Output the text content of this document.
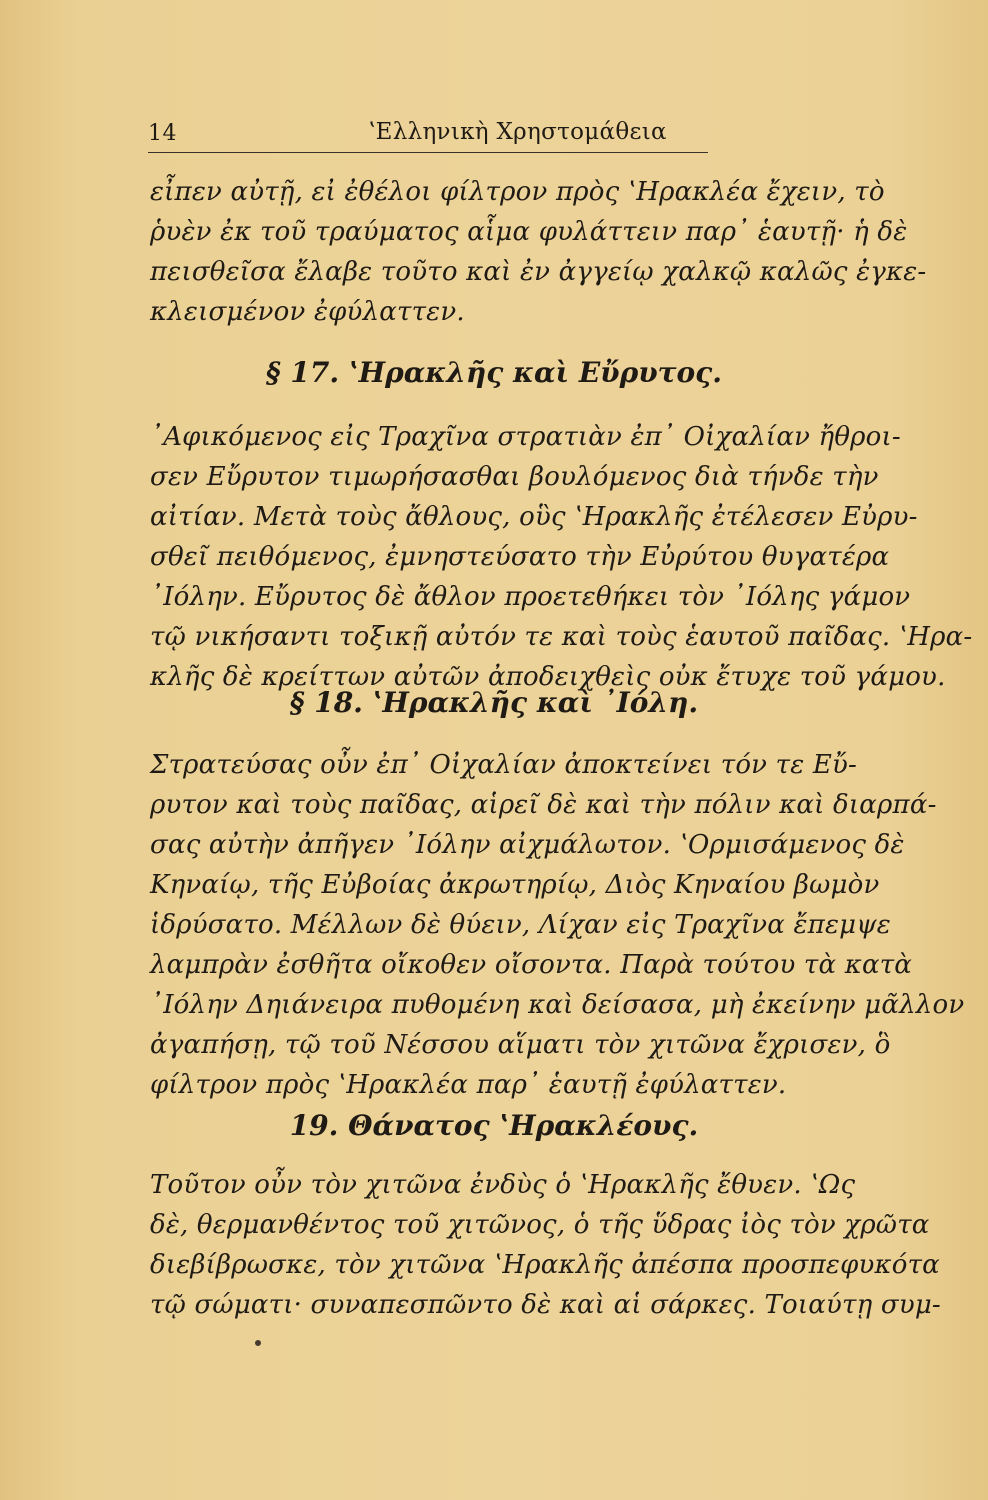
14	ʽΕλληνικὴ Χρηστομάθεια
εἶπεν αὐτῇ, εἰ ἐθέλοι φίλτρον πρὸς ʽΗρακλέα ἔχειν, τὸ
ῥυὲν ἐκ τοῦ τραύματος αἷμα φυλάττειν παρ᾽ ἑαυτῇ· ἡ δὲ
πεισθεῖσα ἔλαβε τοῦτο καὶ ἐν ἀγγείῳ χαλκῷ καλῶς ἐγκε-
κλεισμένον ἐφύλαττεν.
§ 17. ʽΗρακλῆς καὶ Εὔρυτος.
᾽Αφικόμενος εἰς Τραχῖνα στρατιὰν ἐπ᾽ Οἰχαλίαν ἤθροι-
σεν Εὔρυτον τιμωρήσασθαι βουλόμενος διὰ τήνδε τὴν
αἰτίαν. Μετὰ τοὺς ἄθλους, οὓς ʽΗρακλῆς ἐτέλεσεν Εὐρυ-
σθεῖ πειθόμενος, ἐμνηστεύσατο τὴν Εὐρύτου θυγατέρα
᾽Ιόλην. Εὔρυτος δὲ ἄθλον προετεθήκει τὸν ᾽Ιόλης γάμον
τῷ νικήσαντι τοξικῇ αὐτόν τε καὶ τοὺς ἑαυτοῦ παῖδας. ʽΗρα-
κλῆς δὲ κρείττων αὐτῶν ἀποδειχθεὶς οὐκ ἔτυχε τοῦ γάμου.
§ 18. ʽΗρακλῆς καὶ ᾽Ιόλη.
Στρατεύσας οὖν ἐπ᾽ Οἰχαλίαν ἀποκτείνει τόν τε Εὔ-
ρυτον καὶ τοὺς παῖδας, αἱρεῖ δὲ καὶ τὴν πόλιν καὶ διαρπά-
σας αὐτὴν ἀπῆγεν ᾽Ιόλην αἰχμάλωτον. ʽΟρμισάμενος δὲ
Κηναίῳ, τῆς Εὐβοίας ἀκρωτηρίῳ, Διὸς Κηναίου βωμὸν
ἱδρύσατο. Μέλλων δὲ θύειν, Λίχαν εἰς Τραχῖνα ἔπεμψε
λαμπρὰν ἐσθῆτα οἴκοθεν οἴσοντα. Παρὰ τούτου τὰ κατὰ
᾽Ιόλην Δηιάνειρα πυθομένη καὶ δείσασα, μὴ ἐκείνην μᾶλλον
ἀγαπήσῃ, τῷ τοῦ Νέσσου αἵματι τὸν χιτῶνα ἔχρισεν, ὃ
φίλτρον πρὸς ʽΗρακλέα παρ᾽ ἑαυτῇ ἐφύλαττεν.
19. Θάνατος ʽΗρακλέους.
Τοῦτον οὖν τὸν χιτῶνα ἐνδὺς ὁ ʽΗρακλῆς ἔθυεν. ʽΩς
δὲ, θερμανθέντος τοῦ χιτῶνος, ὁ τῆς ὕδρας ἰὸς τὸν χρῶτα
διεβίβρωσκε, τὸν χιτῶνα ʽΗρακλῆς ἀπέσπα προσπεφυκότα
τῷ σώματι· συναπεσπῶντο δὲ καὶ αἱ σάρκες. Τοιαύτῃ συμ-
